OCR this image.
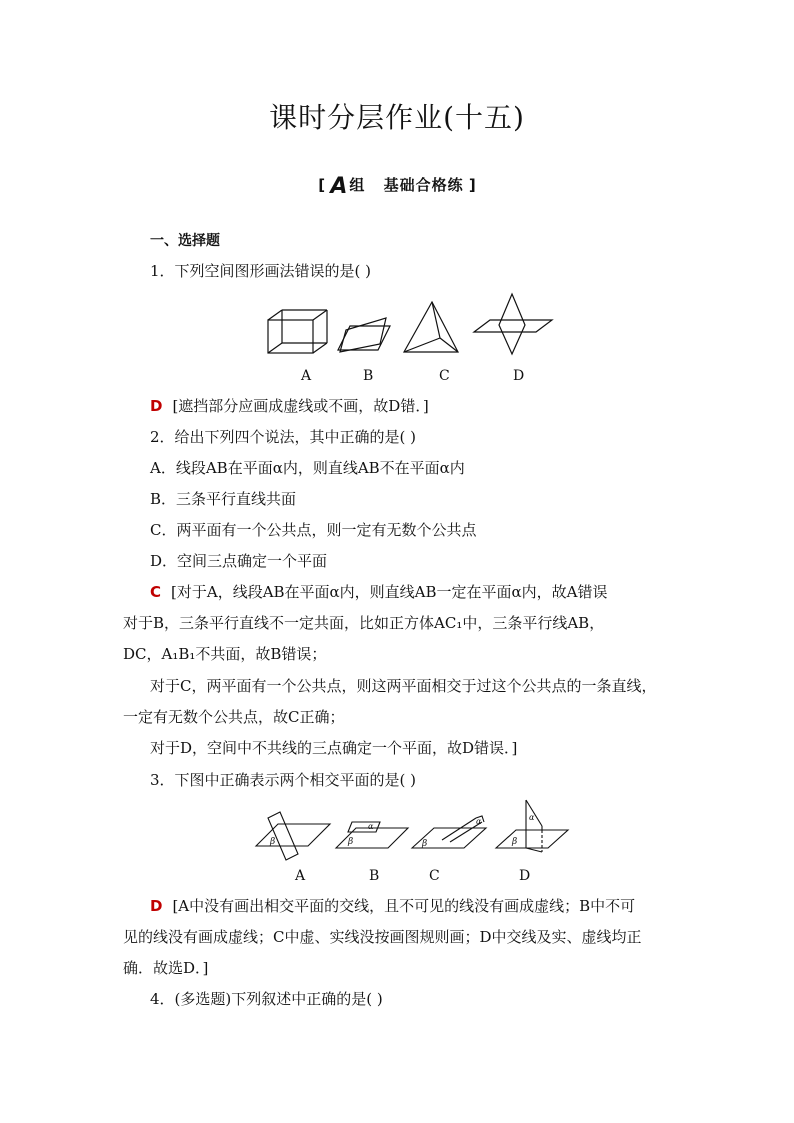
课时分层作业(十五)
[ A 组 基础合格练 ]
一、选择题
1．下列空间图形画法错误的是( )
A	B	C	D
D [遮挡部分应画成虚线或不画，故D错．]
2．给出下列四个说法，其中正确的是( )
A．线段AB在平面α内，则直线AB不在平面α内
B．三条平行直线共面
C．两平面有一个公共点，则一定有无数个公共点
D．空间三点确定一个平面
C [对于A，线段AB在平面α内，则直线AB一定在平面α内，故A错误
对于B，三条平行直线不一定共面，比如正方体AC₁中，三条平行线AB，
DC，A₁B₁不共面，故B错误；
对于C，两平面有一个公共点，则这两平面相交于过这个公共点的一条直线，
一定有无数个公共点，故C正确；
对于D，空间中不共线的三点确定一个平面，故D错误．]
3．下图中正确表示两个相交平面的是( )
β
α
β
α
β
α
β
A	B	C	D
D [A中没有画出相交平面的交线，且不可见的线没有画成虚线；B中不可
见的线没有画成虚线；C中虚、实线没按画图规则画；D中交线及实、虚线均正
确．故选D．]
4．(多选题)下列叙述中正确的是( )
